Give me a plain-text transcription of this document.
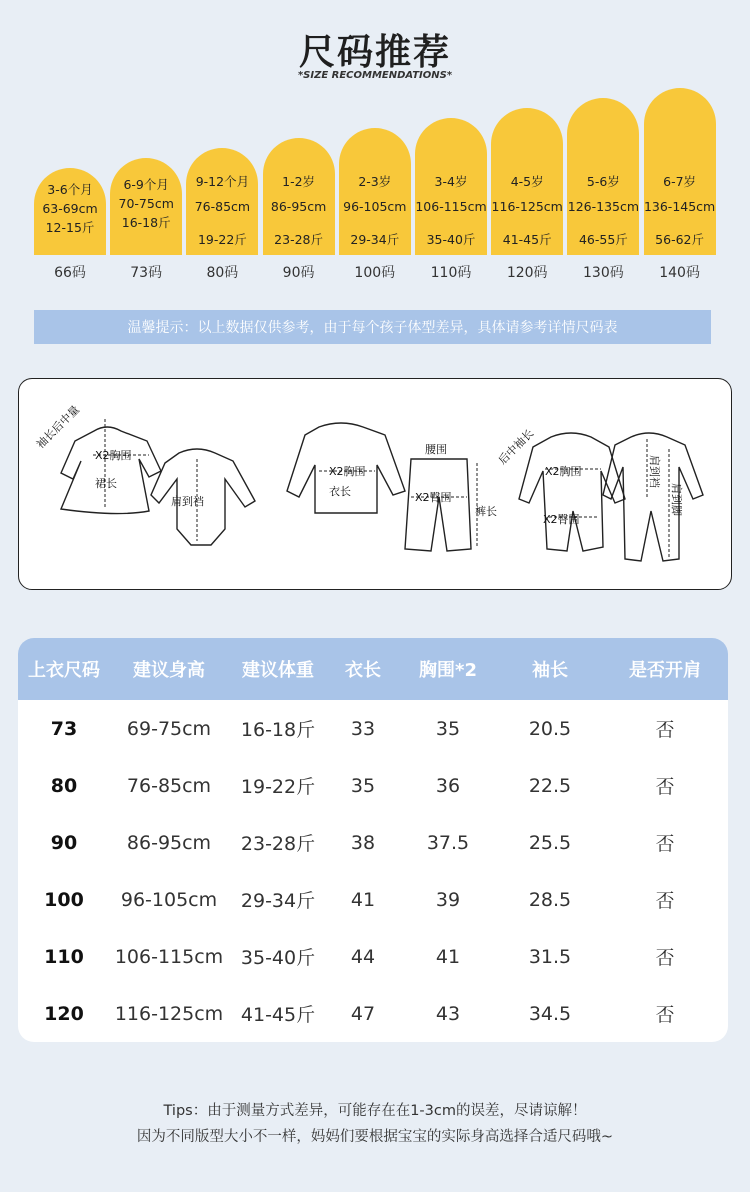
尺码推荐
*SIZE RECOMMENDATIONS*
3-6个月
63-69cm
12-15斤
66码
6-9个月
70-75cm
16-18斤
73码
9-12个月
76-85cm
19-22斤
80码
1-2岁
86-95cm
23-28斤
90码
2-3岁
96-105cm
29-34斤
100码
3-4岁
106-115cm
35-40斤
110码
4-5岁
116-125cm
41-45斤
120码
5-6岁
126-135cm
46-55斤
130码
6-7岁
136-145cm
56-62斤
140码
温馨提示：以上数据仅供参考，由于每个孩子体型差异，具体请参考详情尺码表
袖长后中量
X2胸围
裙长
肩到裆
腰围
X2胸围
衣长	X2臀围
裤长
后中袖长
X2胸围
X2臀围
肩到裆
肩到脚
上衣尺码	建议身高	建议体重	衣长	胸围*2	袖长	是否开肩
73	69-75cm	16-18斤	33	35	20.5	否
80	76-85cm	19-22斤	35	36	22.5	否
90	86-95cm	23-28斤	38	37.5	25.5	否
100	96-105cm	29-34斤	41	39	28.5	否
110	106-115cm 35-40斤	44	41	31.5	否
120	116-125cm 41-45斤	47	43	34.5	否
Tips：由于测量方式差异，可能存在在1-3cm的误差，尽请谅解！
因为不同版型大小不一样，妈妈们要根据宝宝的实际身高选择合适尺码哦~
